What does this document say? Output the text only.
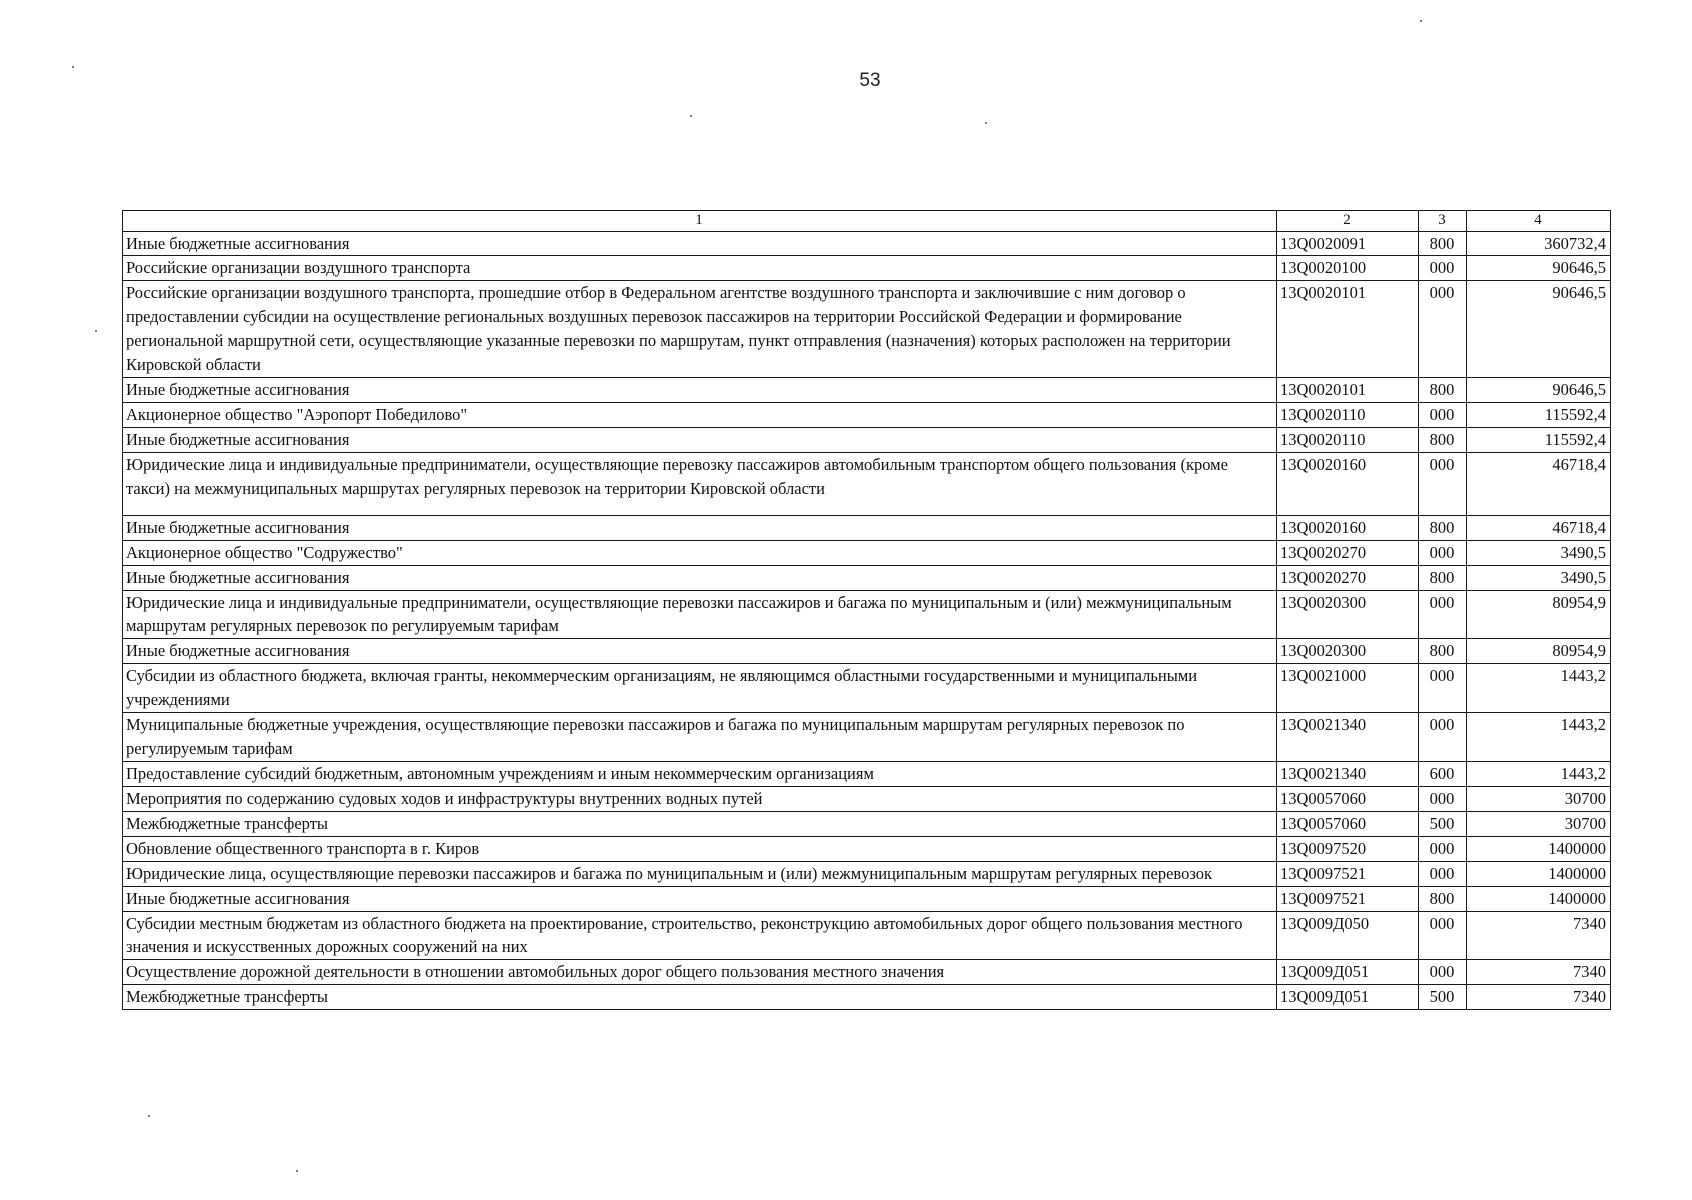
53
1	2	3	4
Иные бюджетные ассигнования	13Q0020091	800	360732,4
Российские организации воздушного транспорта	13Q0020100	000	90646,5
Российские организации воздушного транспорта, прошедшие отбор в Федеральном агентстве воздушного транспорта и заключившие с ним договор о предоставлении субсидии на осуществление региональных воздушных перевозок пассажиров на территории Российской Федерации и формирование региональной маршрутной сети, осуществляющие указанные перевозки по маршрутам, пункт отправления (назначения) которых расположен на территории Кировской области	13Q0020101	000	90646,5
Иные бюджетные ассигнования	13Q0020101	800	90646,5
Акционерное общество "Аэропорт Победилово"	13Q0020110	000	115592,4
Иные бюджетные ассигнования	13Q0020110	800	115592,4
Юридические лица и индивидуальные предприниматели, осуществляющие перевозку пассажиров автомобильным транспортом общего пользования (кроме такси) на межмуниципальных маршрутах регулярных перевозок на территории Кировской области	13Q0020160	000	46718,4
Иные бюджетные ассигнования	13Q0020160	800	46718,4
Акционерное общество "Содружество"	13Q0020270	000	3490,5
Иные бюджетные ассигнования	13Q0020270	800	3490,5
Юридические лица и индивидуальные предприниматели, осуществляющие перевозки пассажиров и багажа по муниципальным и (или) межмуниципальным маршрутам регулярных перевозок по регулируемым тарифам	13Q0020300	000	80954,9
Иные бюджетные ассигнования	13Q0020300	800	80954,9
Субсидии из областного бюджета, включая гранты, некоммерческим организациям, не являющимся областными государственными и муниципальными учреждениями	13Q0021000	000	1443,2
Муниципальные бюджетные учреждения, осуществляющие перевозки пассажиров и багажа по муниципальным маршрутам регулярных перевозок по регулируемым тарифам	13Q0021340	000	1443,2
Предоставление субсидий бюджетным, автономным учреждениям и иным некоммерческим организациям	13Q0021340	600	1443,2
Мероприятия по содержанию судовых ходов и инфраструктуры внутренних водных путей	13Q0057060	000	30700
Межбюджетные трансферты	13Q0057060	500	30700
Обновление общественного транспорта в г. Киров	13Q0097520	000	1400000
Юридические лица, осуществляющие перевозки пассажиров и багажа по муниципальным и (или) межмуниципальным маршрутам регулярных перевозок	13Q0097521	000	1400000
Иные бюджетные ассигнования	13Q0097521	800	1400000
Субсидии местным бюджетам из областного бюджета на проектирование, строительство, реконструкцию автомобильных дорог общего пользования местного значения и искусственных дорожных сооружений на них	13Q009Д050	000	7340
Осуществление дорожной деятельности в отношении автомобильных дорог общего пользования местного значения	13Q009Д051	000	7340
Межбюджетные трансферты	13Q009Д051	500	7340
